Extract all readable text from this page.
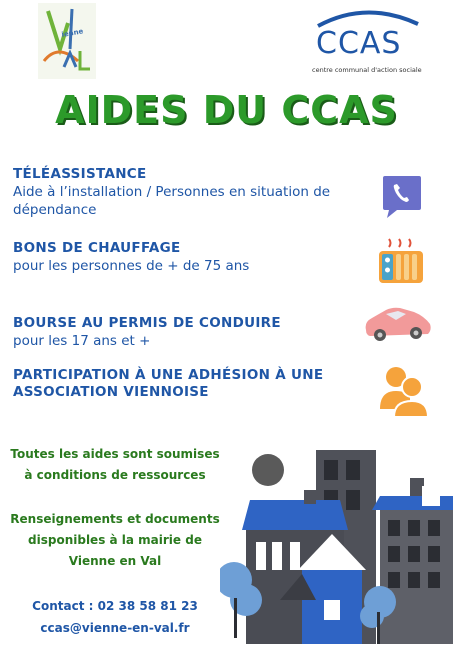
ienne	CCAS
centre communal d'action sociale
AIDES DU CCAS
TÉLÉASSISTANCE
Aide à l’installation / Personnes en situation de dépendance
BONS DE CHAUFFAGE
pour les personnes de + de 75 ans
BOURSE AU PERMIS DE CONDUIRE
pour les 17 ans et +
PARTICIPATION À UNE ADHÉSION À UNE ASSOCIATION VIENNOISE
Toutes les aides sont soumises à conditions de ressources
Renseignements et documents disponibles à la mairie de Vienne en Val
Contact : 02 38 58 81 23
ccas@vienne-en-val.fr
